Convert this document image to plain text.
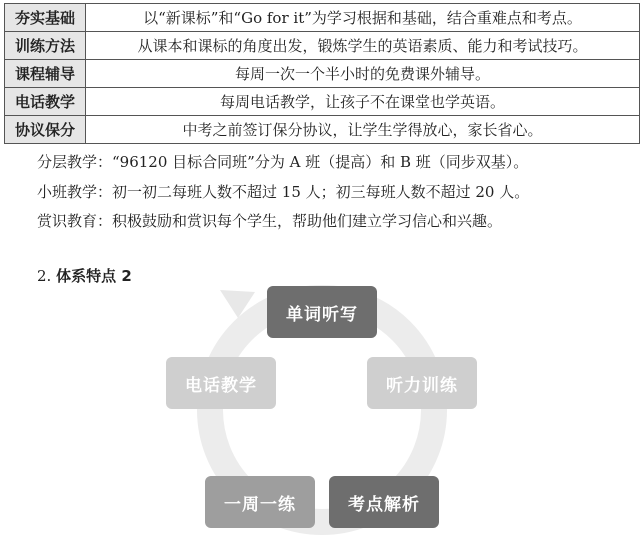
夯实基础	以“新课标”和“Go for it”为学习根据和基础，结合重难点和考点。
训练方法	从课本和课标的角度出发，锻炼学生的英语素质、能力和考试技巧。
课程辅导	每周一次一个半小时的免费课外辅导。
电话教学	每周电话教学，让孩子不在课堂也学英语。
协议保分	中考之前签订保分协议，让学生学得放心，家长省心。
分层教学：“96120 目标合同班”分为 A 班（提高）和 B 班（同步双基）。
小班教学：初一初二每班人数不超过 15 人；初三每班人数不超过 20 人。
赏识教育：积极鼓励和赏识每个学生，帮助他们建立学习信心和兴趣。
2. 体系特点 2
单词听写
听力训练
考点解析
一周一练
电话教学
